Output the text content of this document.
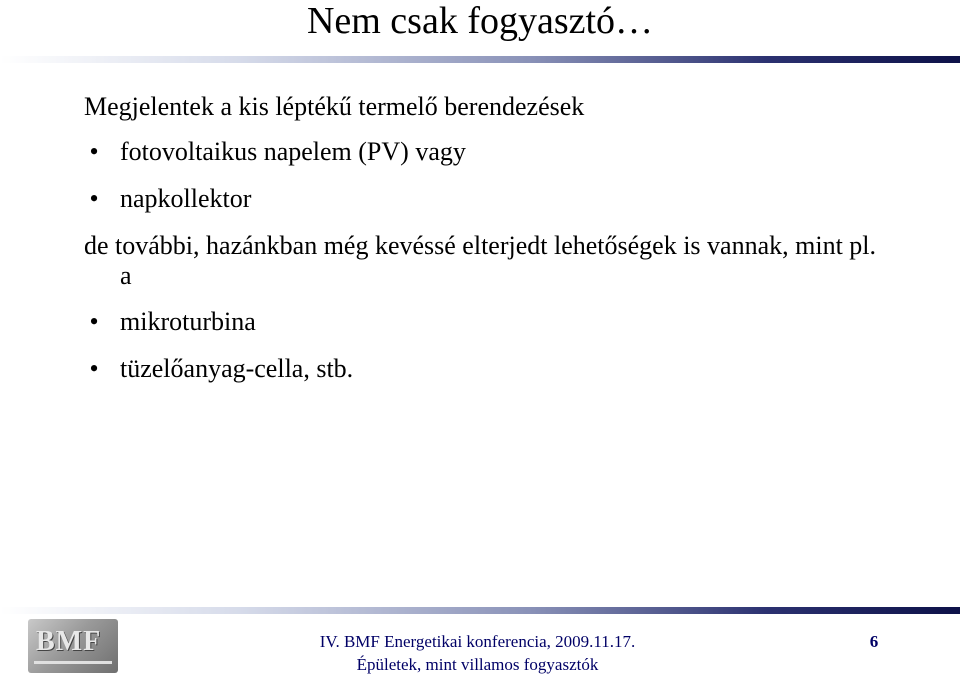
Nem csak fogyasztó…

Megjelentek a kis léptékű termelő berendezések

• fotovoltaikus napelem (PV) vagy
• napkollektor

de további, hazánkban még kevéssé elterjedt lehetőségek is vannak, mint pl. a

• mikroturbina
• tüzelőanyag-cella, stb.
BMF	IV. BMF Energetikai konferencia, 2009.11.17.
Épületek, mint villamos fogyasztók
6
